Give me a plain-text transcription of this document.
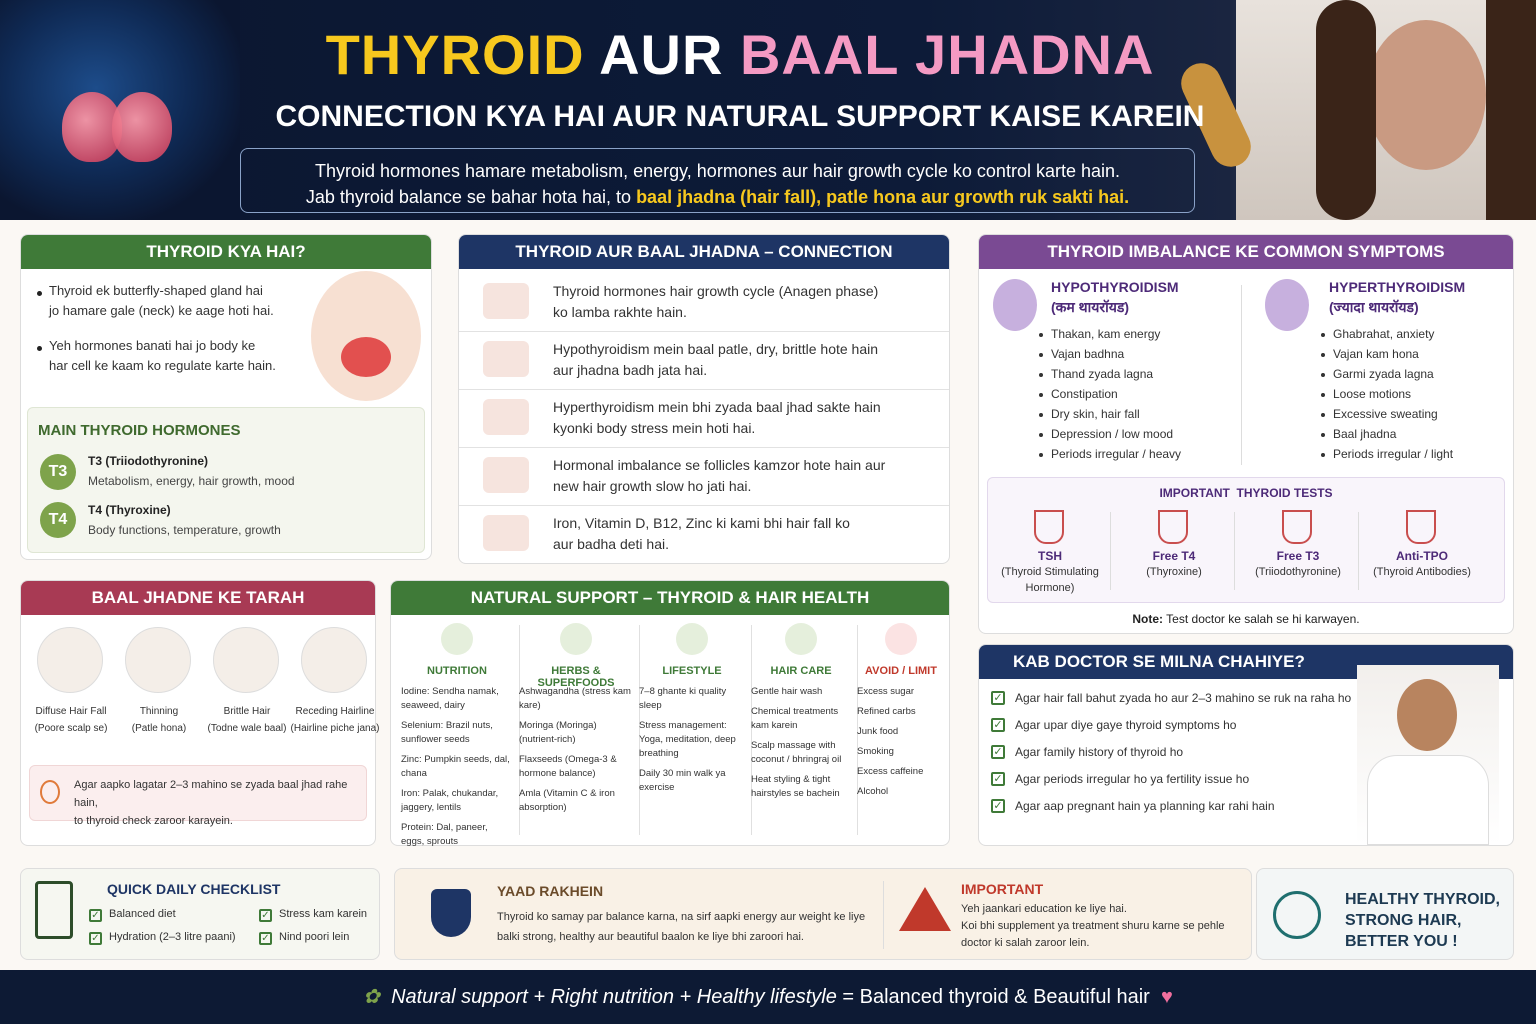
THYROID AUR BAAL JHADNA
CONNECTION KYA HAI AUR NATURAL SUPPORT KAISE KAREIN
Thyroid hormones hamare metabolism, energy, hormones aur hair growth cycle ko control karte hain.
Jab thyroid balance se bahar hota hai, to baal jhadna (hair fall), patle hona aur growth ruk sakti hai.
THYROID KYA HAI?
Thyroid ek butterfly-shaped gland hai
jo hamare gale (neck) ke aage hoti hai.
Yeh hormones banati hai jo body ke
har cell ke kaam ko regulate karte hain.
MAIN THYROID HORMONES
T3
T3 (Triiodothyronine)
Metabolism, energy, hair growth, mood
T4
T4 (Thyroxine)
Body functions, temperature, growth
THYROID AUR BAAL JHADNA – CONNECTION
Thyroid hormones hair growth cycle (Anagen phase)
ko lamba rakhte hain.
Hypothyroidism mein baal patle, dry, brittle hote hain
aur jhadna badh jata hai.
Hyperthyroidism mein bhi zyada baal jhad sakte hain
kyonki body stress mein hoti hai.
Hormonal imbalance se follicles kamzor hote hain aur
new hair growth slow ho jati hai.
Iron, Vitamin D, B12, Zinc ki kami bhi hair fall ko
aur badha deti hai.
THYROID IMBALANCE KE COMMON SYMPTOMS
HYPOTHYROIDISM
(कम थायरॉयड)
Thakan, kam energy
Vajan badhna
Thand zyada lagna
Constipation
Dry skin, hair fall
Depression / low mood
Periods irregular / heavy
HYPERTHYROIDISM
(ज्यादा थायरॉयड)
Ghabrahat, anxiety
Vajan kam hona
Garmi zyada lagna
Loose motions
Excessive sweating
Baal jhadna
Periods irregular / light
IMPORTANT  THYROID TESTS
TSH
(Thyroid Stimulating
Hormone)
Free T4
(Thyroxine)
Free T3
(Triiodothyronine)
Anti-TPO
(Thyroid Antibodies)
Note: Test doctor ke salah se hi karwayen.
BAAL JHADNE KE TARAH
Diffuse Hair Fall
(Poore scalp se)
Thinning
(Patle hona)
Brittle Hair
(Todne wale baal)
Receding Hairline
(Hairline piche jana)
Agar aapko lagatar 2–3 mahino se zyada baal jhad rahe hain,
to thyroid check zaroor karayein.
NATURAL SUPPORT – THYROID & HAIR HEALTH
NUTRITION
Iodine: Sendha namak, seaweed, dairy
Selenium: Brazil nuts, sunflower seeds
Zinc: Pumpkin seeds, dal, chana
Iron: Palak, chukandar, jaggery, lentils
Protein: Dal, paneer, eggs, sprouts
HERBS & SUPERFOODS
Ashwagandha (stress kam kare)
Moringa (Moringa) (nutrient-rich)
Flaxseeds (Omega-3 & hormone balance)
Amla (Vitamin C & iron absorption)
LIFESTYLE
7–8 ghante ki quality sleep
Stress management: Yoga, meditation, deep breathing
Daily 30 min walk ya exercise
HAIR CARE
Gentle hair wash
Chemical treatments kam karein
Scalp massage with coconut / bhringraj oil
Heat styling & tight hairstyles se bachein
AVOID / LIMIT
Excess sugar
Refined carbs
Junk food
Smoking
Excess caffeine
Alcohol
KAB DOCTOR SE MILNA CHAHIYE?
✓ Agar hair fall bahut zyada ho aur 2–3 mahino se ruk na raha ho
✓ Agar upar diye gaye thyroid symptoms ho
✓ Agar family history of thyroid ho
✓ Agar periods irregular ho ya fertility issue ho
✓ Agar aap pregnant hain ya planning kar rahi hain
QUICK DAILY CHECKLIST
✓ Balanced diet	✓ Stress kam karein
✓ Hydration (2–3 litre paani)	✓ Nind poori lein
YAAD RAKHEIN
Thyroid ko samay par balance karna, na sirf aapki energy aur weight ke liye
balki strong, healthy aur beautiful baalon ke liye bhi zaroori hai.
IMPORTANT
Yeh jaankari education ke liye hai.
Koi bhi supplement ya treatment shuru karne se pehle
doctor ki salah zaroor lein.
HEALTHY THYROID,
STRONG HAIR,
BETTER YOU !
✿ Natural support + Right nutrition + Healthy lifestyle = Balanced thyroid & Beautiful hair ♥
